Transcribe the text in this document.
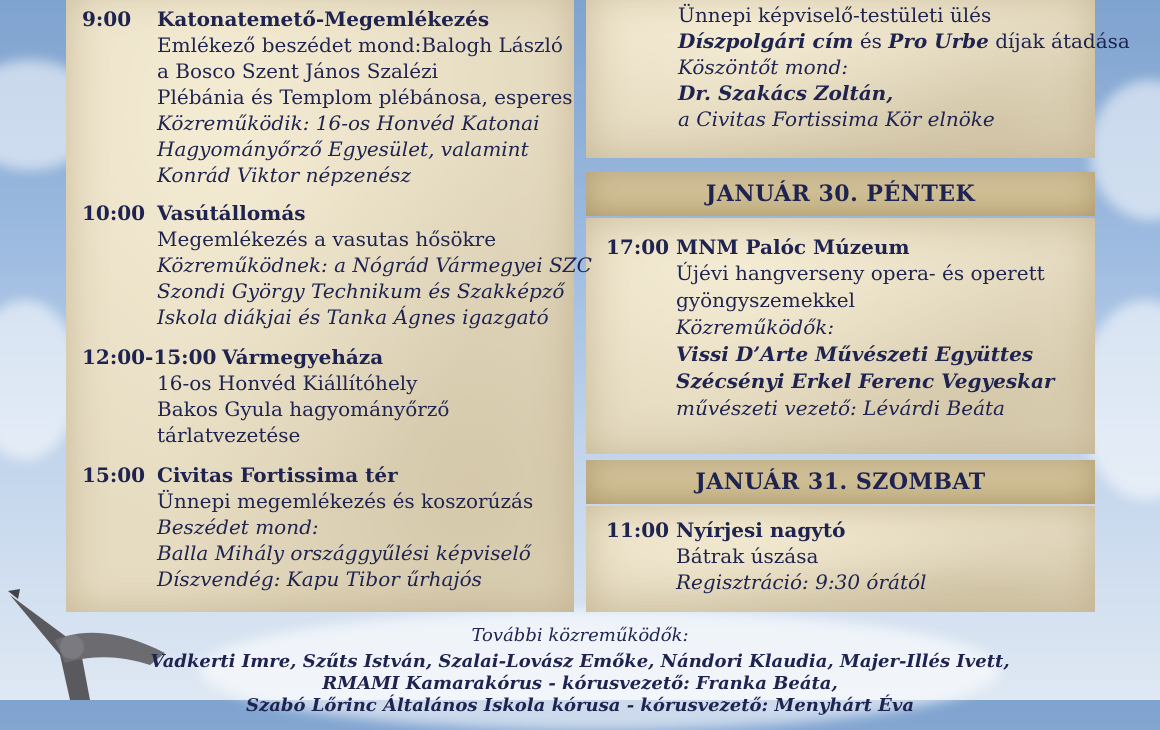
JANUÁR 30. PÉNTEK
JANUÁR 31. SZOMBAT
További közreműködők:
Vadkerti Imre, Szűts István, Szalai-Lovász Emőke, Nándori Klaudia, Majer-Illés Ivett,
RMAMI Kamarakórus - kórusvezető: Franka Beáta,
Szabó Lőrinc Általános Iskola kórusa - kórusvezető: Menyhárt Éva
9:00 Katonatemető-Megemlékezés
Emlékező beszédet mond:Balogh László
a Bosco Szent János Szalézi
Plébánia és Templom plébánosa, esperes
Közreműködik: 16-os Honvéd Katonai
Hagyományőrző Egyesület, valamint
Konrád Viktor népzenész
10:00 Vasútállomás
Megemlékezés a vasutas hősökre
Közreműködnek: a Nógrád Vármegyei SZC
Szondi György Technikum és Szakképző
Iskola diákjai és Tanka Ágnes igazgató
12:00-15:00 Vármegyeháza
16-os Honvéd Kiállítóhely
Bakos Gyula hagyományőrző
tárlatvezetése
15:00 Civitas Fortissima tér
Ünnepi megemlékezés és koszorúzás
Beszédet mond:
Balla Mihály országgyűlési képviselő
Díszvendég: Kapu Tibor űrhajós
Ünnepi képviselő-testületi ülés
Díszpolgári cím és Pro Urbe díjak átadása
Köszöntőt mond:
Dr. Szakács Zoltán,
a Civitas Fortissima Kör elnöke
17:00 MNM Palóc Múzeum
Újévi hangverseny opera- és operett
gyöngyszemekkel
Közreműködők:
Vissi D’Arte Művészeti Együttes
Szécsényi Erkel Ferenc Vegyeskar
művészeti vezető: Lévárdi Beáta
11:00 Nyírjesi nagytó
Bátrak úszása
Regisztráció: 9:30 órától
